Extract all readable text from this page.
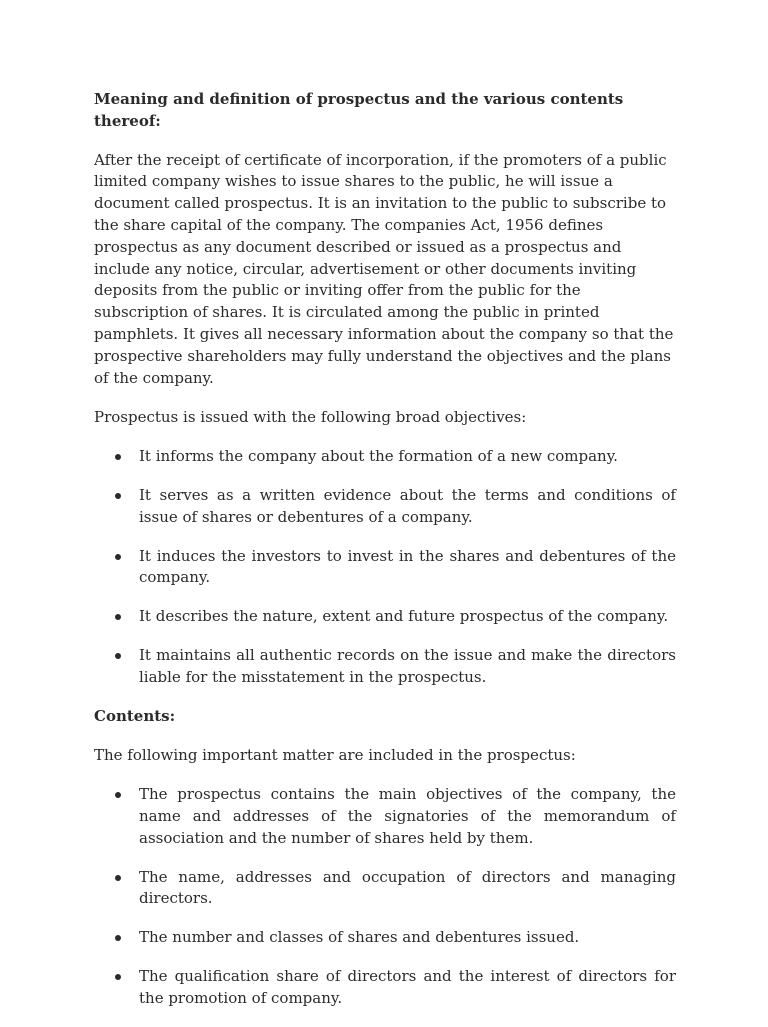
Meaning and definition of prospectus and the various contents thereof:

After the receipt of certificate of incorporation, if the promoters of a public limited company wishes to issue shares to the public, he will issue a document called prospectus. It is an invitation to the public to subscribe to the share capital of the company. The companies Act, 1956 defines prospectus as any document described or issued as a prospectus and include any notice, circular, advertisement or other documents inviting deposits from the public or inviting offer from the public for the subscription of shares. It is circulated among the public in printed pamphlets. It gives all necessary information about the company so that the prospective shareholders may fully understand the objectives and the plans of the company.

Prospectus is issued with the following broad objectives:

It informs the company about the formation of a new company.
It serves as a written evidence about the terms and conditions of issue of shares or debentures of a company.
It induces the investors to invest in the shares and debentures of the company.
It describes the nature, extent and future prospectus of the company.
It maintains all authentic records on the issue and make the directors liable for the misstatement in the prospectus.

Contents:

The following important matter are included in the prospectus:

The prospectus contains the main objectives of the company, the name and addresses of the signatories of the memorandum of association and the number of shares held by them.
The name, addresses and occupation of directors and managing directors.
The number and classes of shares and debentures issued.
The qualification share of directors and the interest of directors for the promotion of company.
